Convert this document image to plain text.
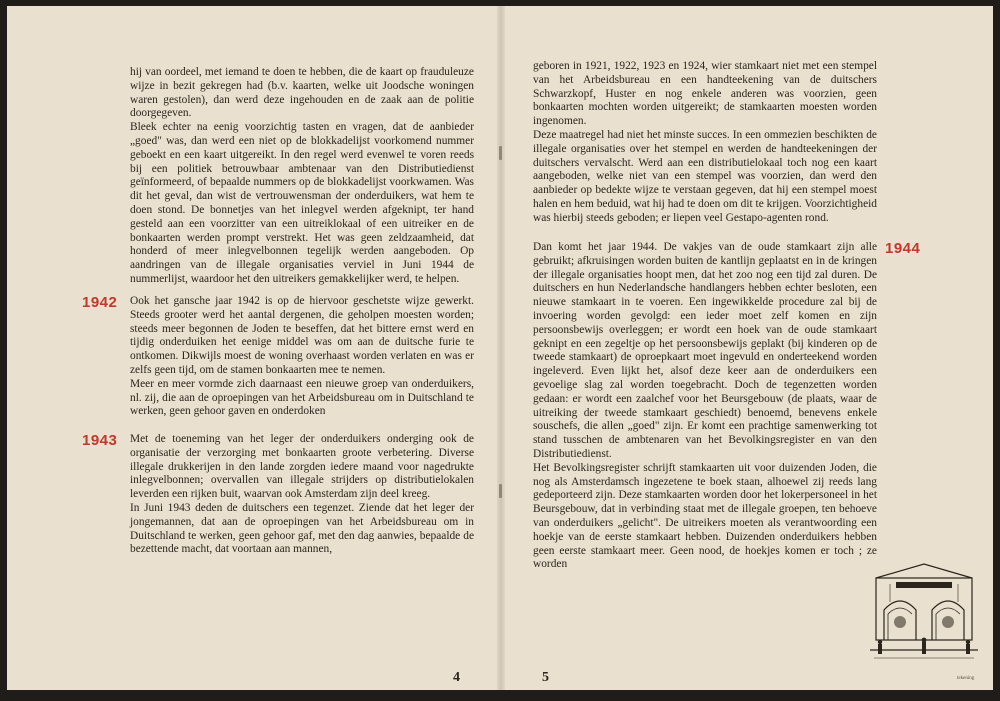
hij van oordeel, met iemand te doen te hebben, die de kaart op frauduleuze wijze in bezit gekregen had (b.v. kaarten, welke uit Joodsche woningen waren gestolen), dan werd deze ingehouden en de zaak aan de politie doorgegeven.

Bleek echter na eenig voorzichtig tasten en vragen, dat de aanbieder „goed" was, dan werd een niet op de blokkadelijst voorkomend nummer geboekt en een kaart uitgereikt. In den regel werd evenwel te voren reeds bij een politiek betrouwbaar ambtenaar van den Distributiedienst geïnformeerd, of bepaalde nummers op de blokkadelijst voorkwamen. Was dit het geval, dan wist de vertrouwensman der onderduikers, wat hem te doen stond. De bonnetjes van het inlegvel werden afgeknipt, ter hand gesteld aan een voorzitter van een uitreiklokaal of een uitreiker en de bonkaarten werden prompt verstrekt. Het was geen zeldzaamheid, dat honderd of meer inlegvelbonnen tegelijk werden aangeboden. Op aandringen van de illegale organisaties verviel in Juni 1944 de nummerlijst, waardoor het den uitreikers gemakkelijker werd, te helpen.

1942 Ook het gansche jaar 1942 is op de hiervoor geschetste wijze gewerkt. Steeds grooter werd het aantal dergenen, die geholpen moesten worden; steeds meer begonnen de Joden te beseffen, dat het bittere ernst werd en tijdig onderduiken het eenige middel was om aan de duitsche furie te ontkomen. Dikwijls moest de woning overhaast worden verlaten en was er zelfs geen tijd, om de stamen bonkaarten mee te nemen.

Meer en meer vormde zich daarnaast een nieuwe groep van onderduikers, nl. zij, die aan de oproepingen van het Arbeidsbureau om in Duitschland te werken, geen gehoor gaven en onderdoken

1943 Met de toeneming van het leger der onderduikers onderging ook de organisatie der verzorging met bonkaarten groote verbetering. Diverse illegale drukkerijen in den lande zorgden iedere maand voor nagedrukte inlegvelbonnen; overvallen van illegale strijders op distributielokalen leverden een rijken buit, waarvan ook Amsterdam zijn deel kreeg.

In Juni 1943 deden de duitschers een tegenzet. Ziende dat het leger der jongemannen, dat aan de oproepingen van het Arbeidsbureau om in Duitschland te werken, geen gehoor gaf, met den dag aanwies, bepaalde de bezettende macht, dat voortaan aan mannen,

4

geboren in 1921, 1922, 1923 en 1924, wier stamkaart niet met een stempel van het Arbeidsbureau en een handteekening van de duitschers Schwarzkopf, Huster en nog enkele anderen was voorzien, geen bonkaarten mochten worden uitgereikt; de stamkaarten moesten worden ingenomen.

Deze maatregel had niet het minste succes. In een ommezien beschikten de illegale organisaties over het stempel en werden de handteekeningen der duitschers vervalscht. Werd aan een distributielokaal toch nog een kaart aangeboden, welke niet van een stempel was voorzien, dan werd den aanbieder op bedekte wijze te verstaan gegeven, dat hij een stempel moest halen en hem beduid, wat hij had te doen om dit te krijgen. Voorzichtigheid was hierbij steeds geboden; er liepen veel Gestapo-agenten rond.

Dan komt het jaar 1944. De vakjes van de oude stamkaart zijn alle gebruikt; afkruisingen worden buiten de kantlijn geplaatst en in de kringen der illegale organisaties hoopt men, dat het zoo nog een tijd zal duren. De duitschers en hun Nederlandsche handlangers hebben echter besloten, een nieuwe stamkaart in te voeren. Een ingewikkelde procedure zal bij de invoering worden gevolgd: een ieder moet zelf komen en zijn persoonsbewijs overleggen; er wordt een hoek van de oude stamkaart geknipt en een zegeltje op het persoonsbewijs geplakt (bij kinderen op de tweede stamkaart) de oproepkaart moet ingevuld en onderteekend worden ingeleverd. Even lijkt het, alsof deze keer aan de onderduikers een gevoelige slag zal worden toegebracht. Doch de tegenzetten worden gedaan: er wordt een zaalchef voor het Beursgebouw (de plaats, waar de uitreiking der tweede stamkaart geschiedt) benoemd, benevens enkele souschefs, die allen „goed" zijn. Er komt een prachtige samenwerking tot stand tusschen de ambtenaren van het Bevolkingsregister en van den Distributiedienst.

Het Bevolkingsregister schrijft stamkaarten uit voor duizenden Joden, die nog als Amsterdamsch ingezetene te boek staan, alhoewel zij reeds lang gedeporteerd zijn. Deze stamkaarten worden door het lokerpersoneel in het Beursgebouw, dat in verbinding staat met de illegale groepen, ten behoeve van onderduikers „gelicht". De uitreikers moeten als verantwoording een hoekje van de eerste stamkaart hebben. Duizenden onderduikers hebben geen eerste stamkaart meer. Geen nood, de hoekjes komen er toch ; ze worden

1944
tekening
5
